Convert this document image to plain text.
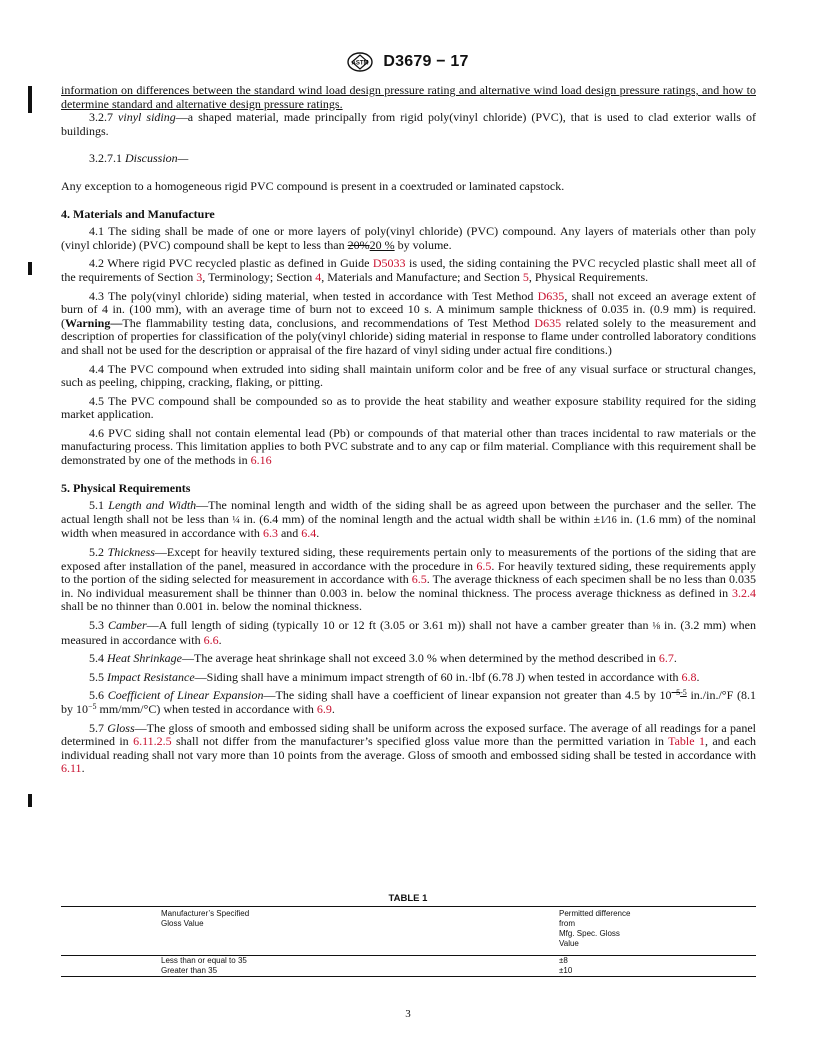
ASTM D3679 − 17

information on differences between the standard wind load design pressure rating and alternative wind load design pressure ratings, and how to determine standard and alternative design pressure ratings.

3.2.7 vinyl siding—a shaped material, made principally from rigid poly(vinyl chloride) (PVC), that is used to clad exterior walls of buildings.

3.2.7.1 Discussion—

Any exception to a homogeneous rigid PVC compound is present in a coextruded or laminated capstock.

4. Materials and Manufacture

4.1 The siding shall be made of one or more layers of poly(vinyl chloride) (PVC) compound. Any layers of materials other than poly (vinyl chloride) (PVC) compound shall be kept to less than 20%20 % by volume.

4.2 Where rigid PVC recycled plastic as defined in Guide D5033 is used, the siding containing the PVC recycled plastic shall meet all of the requirements of Section 3, Terminology; Section 4, Materials and Manufacture; and Section 5, Physical Requirements.

4.3 The poly(vinyl chloride) siding material, when tested in accordance with Test Method D635, shall not exceed an average extent of burn of 4 in. (100 mm), with an average time of burn not to exceed 10 s. A minimum sample thickness of 0.035 in. (0.9 mm) is required. (Warning—The flammability testing data, conclusions, and recommendations of Test Method D635 related solely to the measurement and description of properties for classification of the poly(vinyl chloride) siding material in response to flame under controlled laboratory conditions and shall not be used for the description or appraisal of the fire hazard of vinyl siding under actual fire conditions.)

4.4 The PVC compound when extruded into siding shall maintain uniform color and be free of any visual surface or structural changes, such as peeling, chipping, cracking, flaking, or pitting.

4.5 The PVC compound shall be compounded so as to provide the heat stability and weather exposure stability required for the siding market application.

4.6 PVC siding shall not contain elemental lead (Pb) or compounds of that material other than traces incidental to raw materials or the manufacturing process. This limitation applies to both PVC substrate and to any cap or film material. Compliance with this requirement shall be demonstrated by one of the methods in 6.16

5. Physical Requirements

5.1 Length and Width—The nominal length and width of the siding shall be as agreed upon between the purchaser and the seller. The actual length shall not be less than ¼ in. (6.4 mm) of the nominal length and the actual width shall be within ±1⁄16 in. (1.6 mm) of the nominal width when measured in accordance with 6.3 and 6.4.

5.2 Thickness—Except for heavily textured siding, these requirements pertain only to measurements of the portions of the siding that are exposed after installation of the panel, measured in accordance with the procedure in 6.5. For heavily textured siding, these requirements apply to the portion of the siding selected for measurement in accordance with 6.5. The average thickness of each specimen shall be no less than 0.035 in. No individual measurement shall be thinner than 0.003 in. below the nominal thickness. The process average thickness as defined in 3.2.4 shall be no thinner than 0.001 in. below the nominal thickness.

5.3 Camber—A full length of siding (typically 10 or 12 ft (3.05 or 3.61 m)) shall not have a camber greater than ⅛ in. (3.2 mm) when measured in accordance with 6.6.

5.4 Heat Shrinkage—The average heat shrinkage shall not exceed 3.0 % when determined by the method described in 6.7.

5.5 Impact Resistance—Siding shall have a minimum impact strength of 60 in.·lbf (6.78 J) when tested in accordance with 6.8.

5.6 Coefficient of Linear Expansion—The siding shall have a coefficient of linear expansion not greater than 4.5 by $10^{-5-5}$ in./in./°F (8.1 by $10^{-5}$ mm/mm/°C) when tested in accordance with 6.9.

5.7 Gloss—The gloss of smooth and embossed siding shall be uniform across the exposed surface. The average of all readings for a panel determined in 6.11.2.5 shall not differ from the manufacturer’s specified gloss value more than the permitted variation in Table 1, and each individual reading shall not vary more than 10 points from the average. Gloss of smooth and embossed siding shall be tested in accordance with 6.11.

TABLE 1
Manufacturer’s Specified
Gloss Value
Permitted difference
from
Mfg. Spec. Gloss
Value
Less than or equal to 35	±8
Greater than 35	±10
3
